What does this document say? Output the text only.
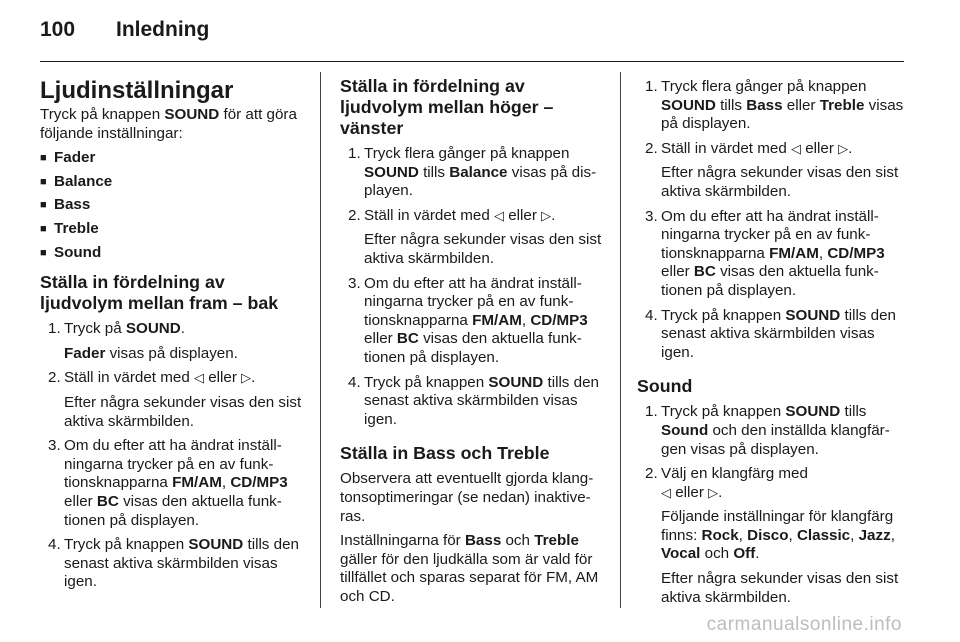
100 Inledning
Ljudinställningar

Tryck på knappen SOUND för att göra följande inställningar:

■ Fader
■ Balance
■ Bass
■ Treble
■ Sound
Ställa in fördelning av ljudvolym mellan fram – bak
1. Tryck på SOUND.
Fader visas på displayen.
2. Ställ in värdet med ◁ eller ▷.
Efter några sekunder visas den sist aktiva skärmbilden.
3. Om du efter att ha ändrat inställningarna trycker på en av funktionsknapparna FM/AM, CD/MP3 eller BC visas den aktuella funktionen på displayen.
4. Tryck på knappen SOUND tills den senast aktiva skärmbilden visas igen.
Ställa in fördelning av ljudvolym mellan höger – vänster
1. Tryck flera gånger på knappen SOUND tills Balance visas på displayen.
2. Ställ in värdet med ◁ eller ▷.
Efter några sekunder visas den sist aktiva skärmbilden.
3. Om du efter att ha ändrat inställningarna trycker på en av funktionsknapparna FM/AM, CD/MP3 eller BC visas den aktuella funktionen på displayen.
4. Tryck på knappen SOUND tills den senast aktiva skärmbilden visas igen.
Ställa in Bass och Treble

Observera att eventuellt gjorda klangtonsoptimeringar (se nedan) inaktiveras.

Inställningarna för Bass och Treble gäller för den ljudkälla som är vald för tillfället och sparas separat för FM, AM och CD.

1. Tryck flera gånger på knappen SOUND tills Bass eller Treble visas på displayen.
2. Ställ in värdet med ◁ eller ▷.
Efter några sekunder visas den sist aktiva skärmbilden.
3. Om du efter att ha ändrat inställningarna trycker på en av funktionsknapparna FM/AM, CD/MP3 eller BC visas den aktuella funktionen på displayen.
4. Tryck på knappen SOUND tills den senast aktiva skärmbilden visas igen.
Sound
1. Tryck på knappen SOUND tills Sound och den inställda klangfärgen visas på displayen.
2. Välj en klangfärg med
◁ eller ▷.
Följande inställningar för klangfärg finns: Rock, Disco, Classic, Jazz, Vocal och Off.
Efter några sekunder visas den sist aktiva skärmbilden.
carmanualsonline.info
